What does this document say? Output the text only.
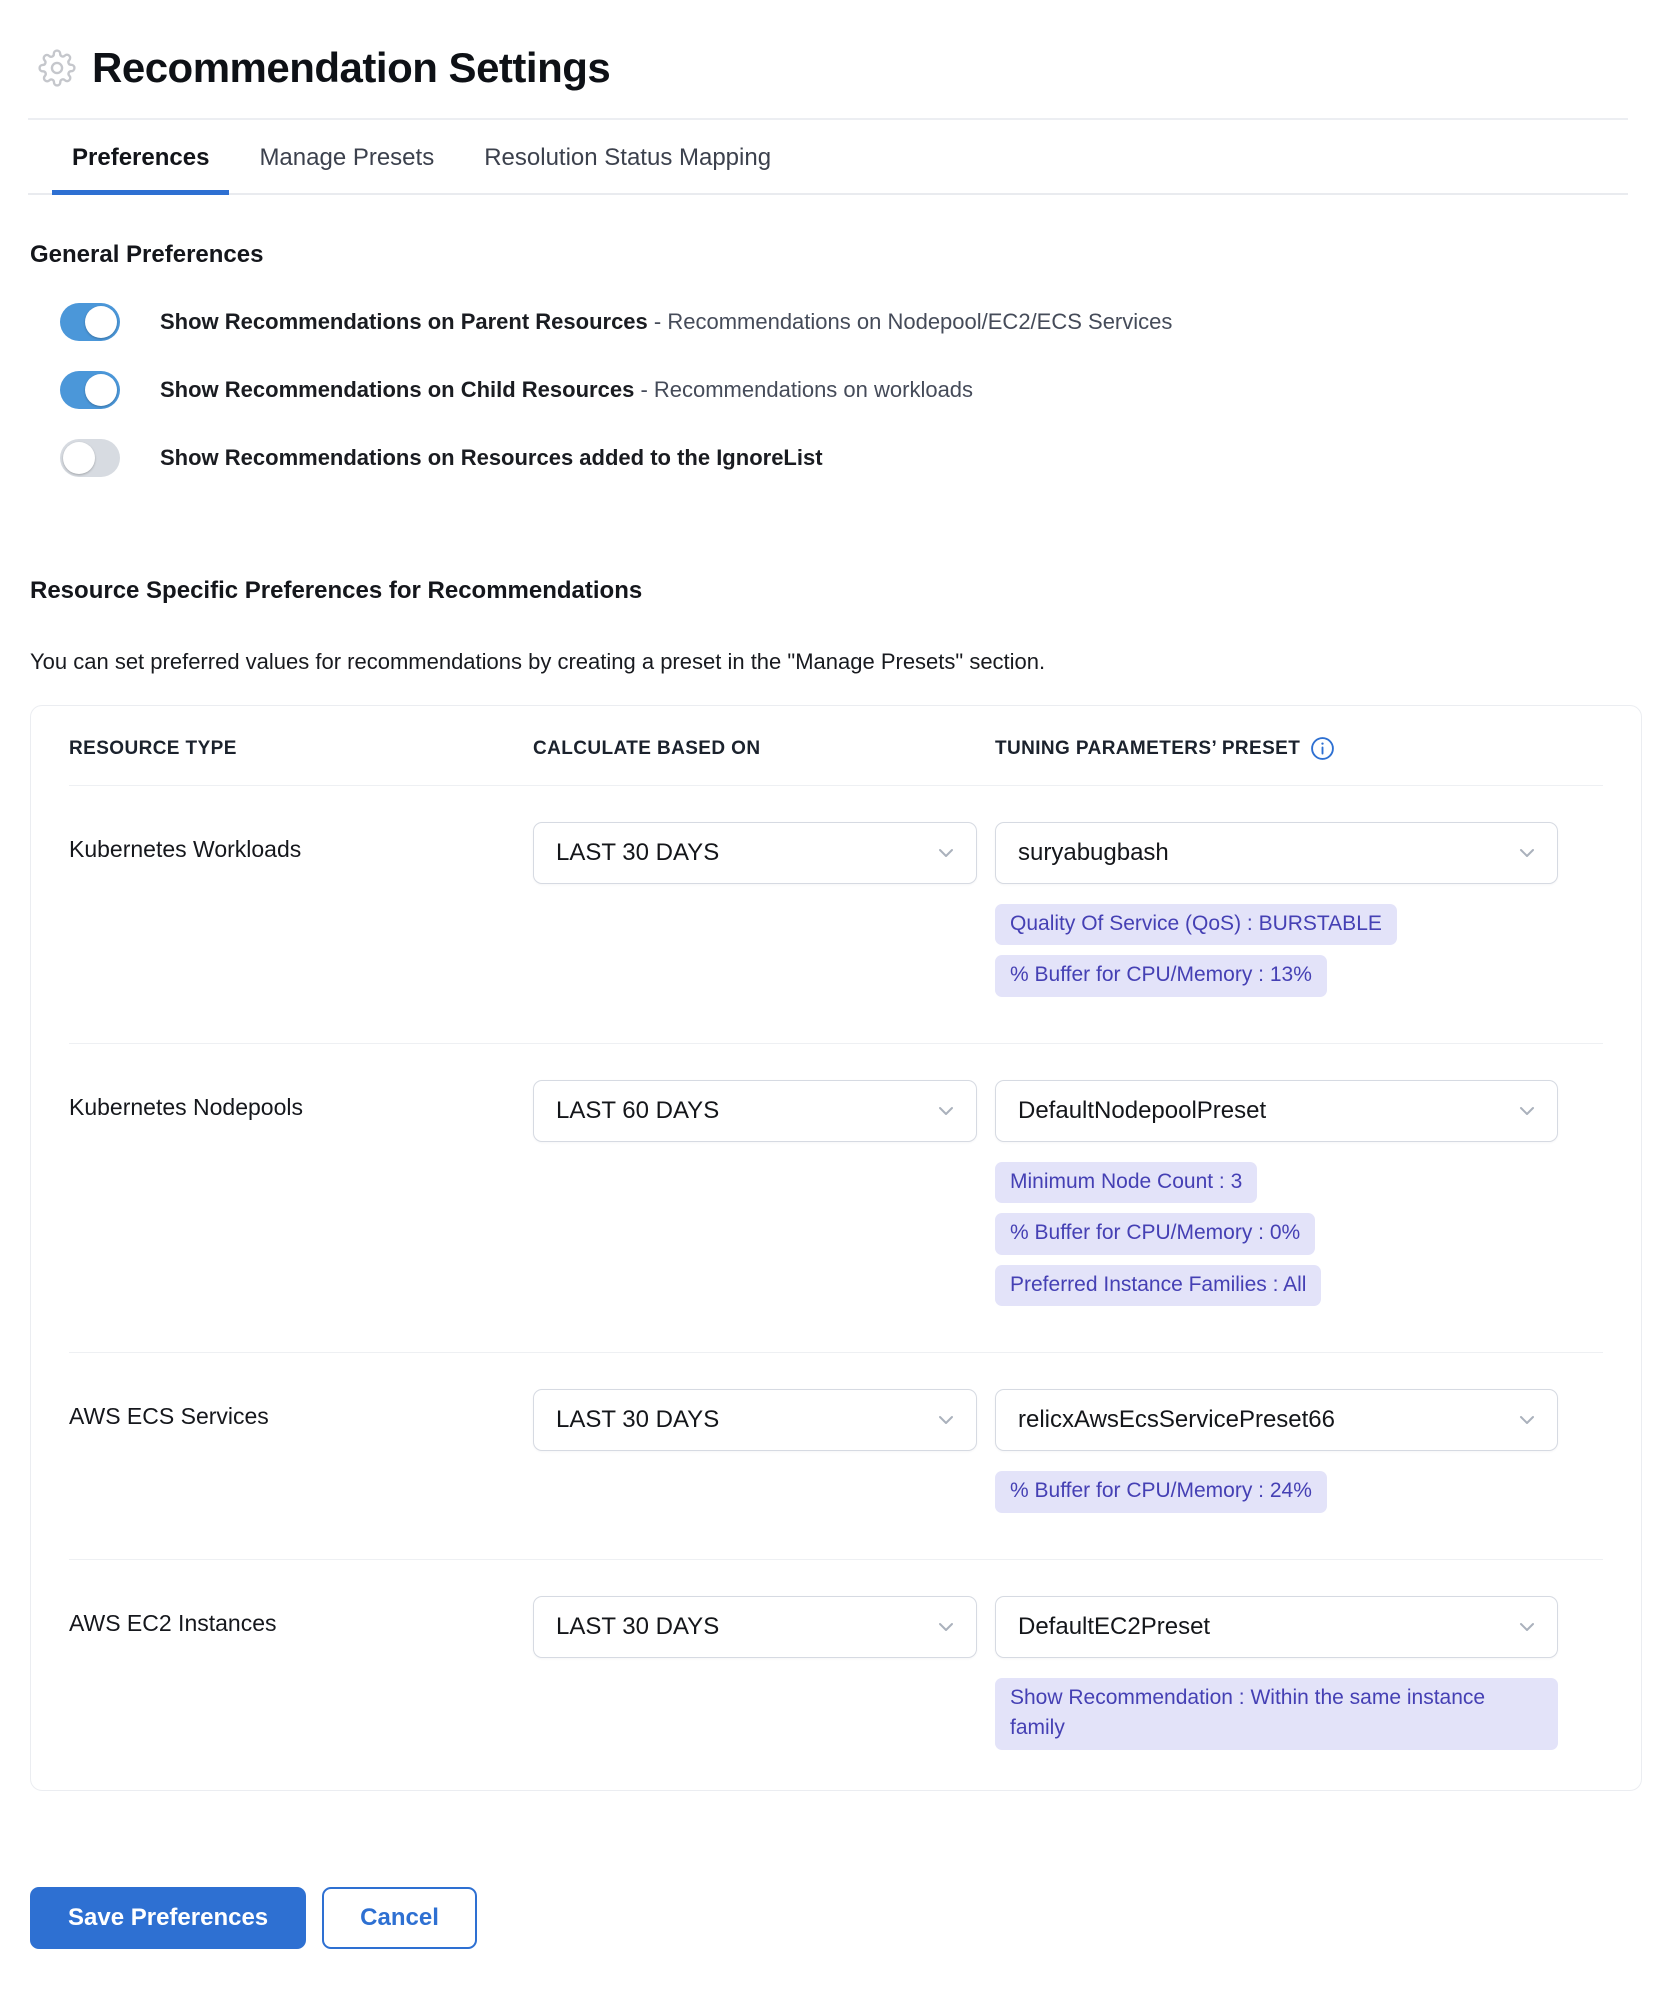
Recommendation Settings
Preferences	Manage Presets	Resolution Status Mapping
General Preferences
Show Recommendations on Parent Resources - Recommendations on Nodepool/EC2/ECS Services
Show Recommendations on Child Resources - Recommendations on workloads
Show Recommendations on Resources added to the IgnoreList
Resource Specific Preferences for Recommendations
You can set preferred values for recommendations by creating a preset in the "Manage Presets" section.
RESOURCE TYPE	CALCULATE BASED ON	TUNING PARAMETERS’ PRESET
Kubernetes Workloads	LAST 30 DAYS	suryabugbash
Quality Of Service (QoS) : BURSTABLE
% Buffer for CPU/Memory : 13%
Kubernetes Nodepools	LAST 60 DAYS	DefaultNodepoolPreset
Minimum Node Count : 3
% Buffer for CPU/Memory : 0%
Preferred Instance Families : All
AWS ECS Services	LAST 30 DAYS	relicxAwsEcsServicePreset66
% Buffer for CPU/Memory : 24%
AWS EC2 Instances	LAST 30 DAYS	DefaultEC2Preset
Show Recommendation : Within the same instance family
Save Preferences	Cancel
